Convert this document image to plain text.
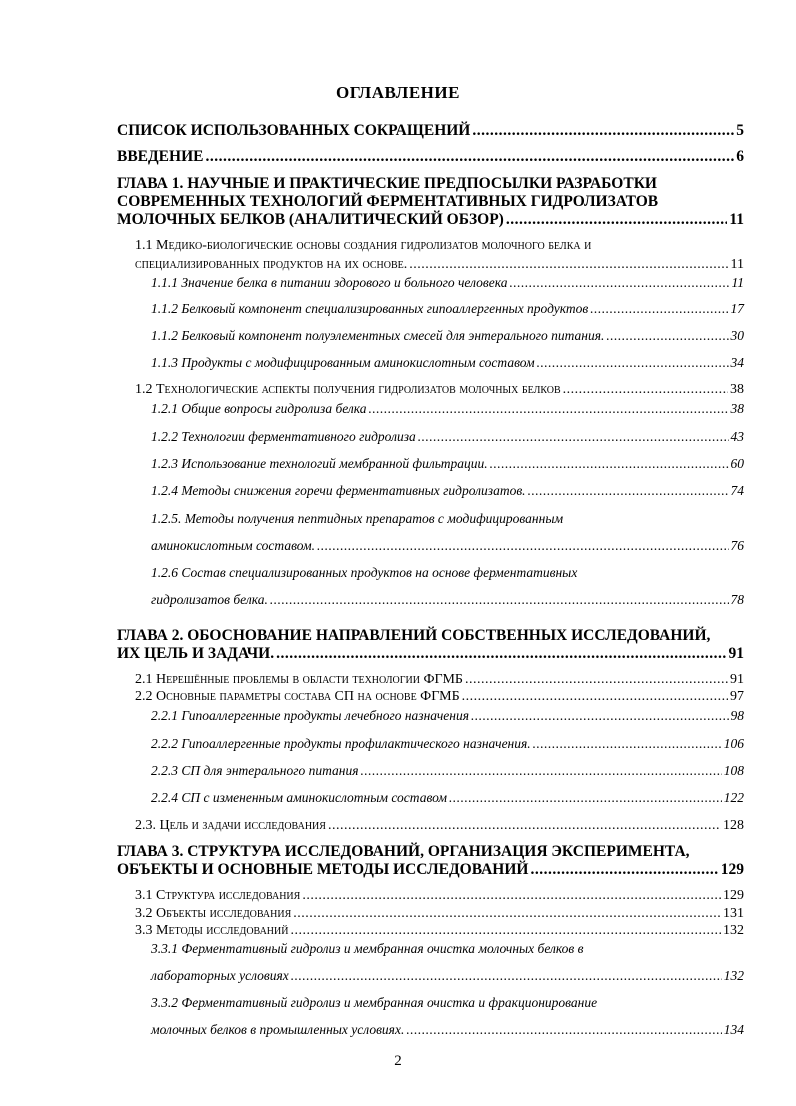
ОГЛАВЛЕНИЕ
СПИСОК ИСПОЛЬЗОВАННЫХ СОКРАЩЕНИЙ .....	5
ВВЕДЕНИЕ .....	6
ГЛАВА 1. НАУЧНЫЕ И ПРАКТИЧЕСКИЕ ПРЕДПОСЫЛКИ РАЗРАБОТКИ
СОВРЕМЕННЫХ ТЕХНОЛОГИЙ ФЕРМЕНТАТИВНЫХ ГИДРОЛИЗАТОВ
МОЛОЧНЫХ БЕЛКОВ (АНАЛИТИЧЕСКИЙ ОБЗОР) .....	11
1.1 Медико-биологические основы создания гидролизатов молочного белка и
специализированных продуктов на их основе. .....	11
1.1.1 Значение белка в питании здорового и больного человека .....	11
1.1.2 Белковый компонент специализированных гипоаллергенных продуктов .....	17
1.1.2 Белковый компонент полуэлементных смесей для энтерального питания. .....	30
1.1.3 Продукты с модифицированным аминокислотным составом .....	34
1.2 Технологические аспекты получения гидролизатов молочных белков .....	38
1.2.1 Общие вопросы гидролиза белка .....	38
1.2.2 Технологии ферментативного гидролиза .....	43
1.2.3 Использование технологий мембранной фильтрации. .....	60
1.2.4 Методы снижения горечи ферментативных гидролизатов. .....	74
1.2.5. Методы получения пептидных препаратов с модифицированным
аминокислотным составом. .....	76
1.2.6 Состав специализированных продуктов на основе ферментативных
гидролизатов белка. .....	78
ГЛАВА 2. ОБОСНОВАНИЕ НАПРАВЛЕНИЙ СОБСТВЕННЫХ ИССЛЕДОВАНИЙ,
ИХ ЦЕЛЬ И ЗАДАЧИ. .....	91
2.1 Нерешённые проблемы в области технологии ФГМБ .....	91
2.2 Основные параметры состава СП на основе ФГМБ .....	97
2.2.1 Гипоаллергенные продукты лечебного назначения .....	98
2.2.2 Гипоаллергенные продукты профилактического назначения. .....	106
2.2.3 СП для энтерального питания .....	108
2.2.4 СП с измененным аминокислотным составом .....	122
2.3. Цель и задачи исследования .....	128
ГЛАВА 3. СТРУКТУРА ИССЛЕДОВАНИЙ, ОРГАНИЗАЦИЯ ЭКСПЕРИМЕНТА,
ОБЪЕКТЫ И ОСНОВНЫЕ МЕТОДЫ ИССЛЕДОВАНИЙ .....	129
3.1 Структура исследования .....	129
3.2 Объекты исследования .....	131
3.3 Методы исследований .....	132
3.3.1 Ферментативный гидролиз и мембранная очистка молочных белков в
лабораторных условиях .....	132
3.3.2 Ферментативный гидролиз и мембранная очистка и фракционирование
молочных белков в промышленных условиях. .....	134
2
